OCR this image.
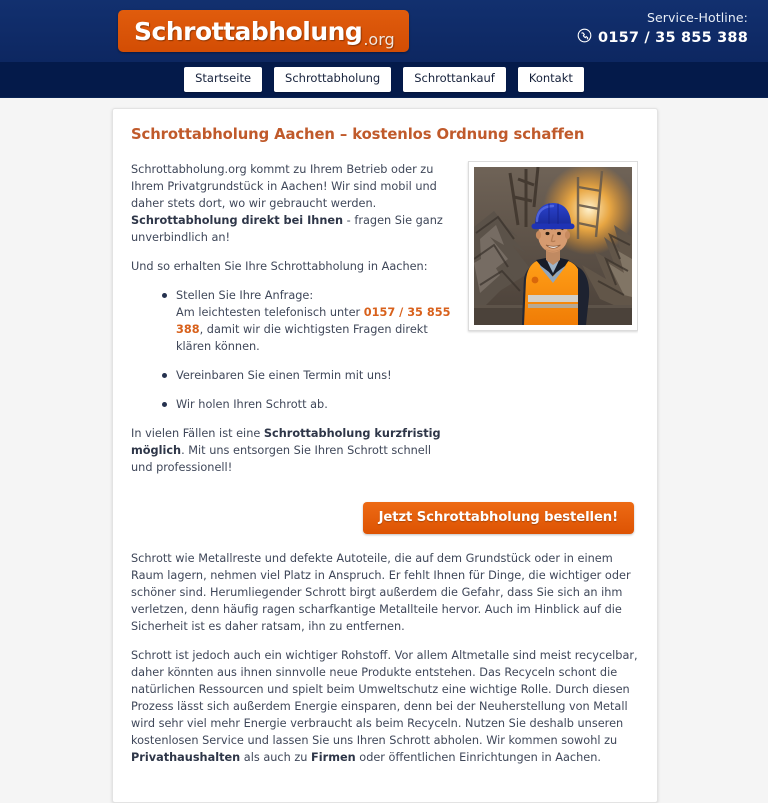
Schrottabholung .org
Service-Hotline:
0157 / 35 855 388
Startseite	Schrottabholung	Schrottankauf	Kontakt
Schrottabholung Aachen – kostenlos Ordnung schaffen

Schrottabholung.org kommt zu Ihrem Betrieb oder zu Ihrem Privatgrundstück in Aachen! Wir sind mobil und daher stets dort, wo wir gebraucht werden. Schrottabholung direkt bei Ihnen - fragen Sie ganz unverbindlich an!

Und so erhalten Sie Ihre Schrottabholung in Aachen:

Stellen Sie Ihre Anfrage:
Am leichtesten telefonisch unter 0157 / 35 855 388, damit wir die wichtigsten Fragen direkt klären können.
Vereinbaren Sie einen Termin mit uns!
Wir holen Ihren Schrott ab.

In vielen Fällen ist eine Schrottabholung kurzfristig möglich. Mit uns entsorgen Sie Ihren Schrott schnell und professionell!

Jetzt Schrottabholung bestellen!

Schrott wie Metallreste und defekte Autoteile, die auf dem Grundstück oder in einem Raum lagern, nehmen viel Platz in Anspruch. Er fehlt Ihnen für Dinge, die wichtiger oder schöner sind. Herumliegender Schrott birgt außerdem die Gefahr, dass Sie sich an ihm verletzen, denn häufig ragen scharfkantige Metallteile hervor. Auch im Hinblick auf die Sicherheit ist es daher ratsam, ihn zu entfernen.

Schrott ist jedoch auch ein wichtiger Rohstoff. Vor allem Altmetalle sind meist recycelbar, daher könnten aus ihnen sinnvolle neue Produkte entstehen. Das Recyceln schont die natürlichen Ressourcen und spielt beim Umweltschutz eine wichtige Rolle. Durch diesen Prozess lässt sich außerdem Energie einsparen, denn bei der Neuherstellung von Metall wird sehr viel mehr Energie verbraucht als beim Recyceln. Nutzen Sie deshalb unseren kostenlosen Service und lassen Sie uns Ihren Schrott abholen. Wir kommen sowohl zu Privathaushalten als auch zu Firmen oder öffentlichen Einrichtungen in Aachen.
